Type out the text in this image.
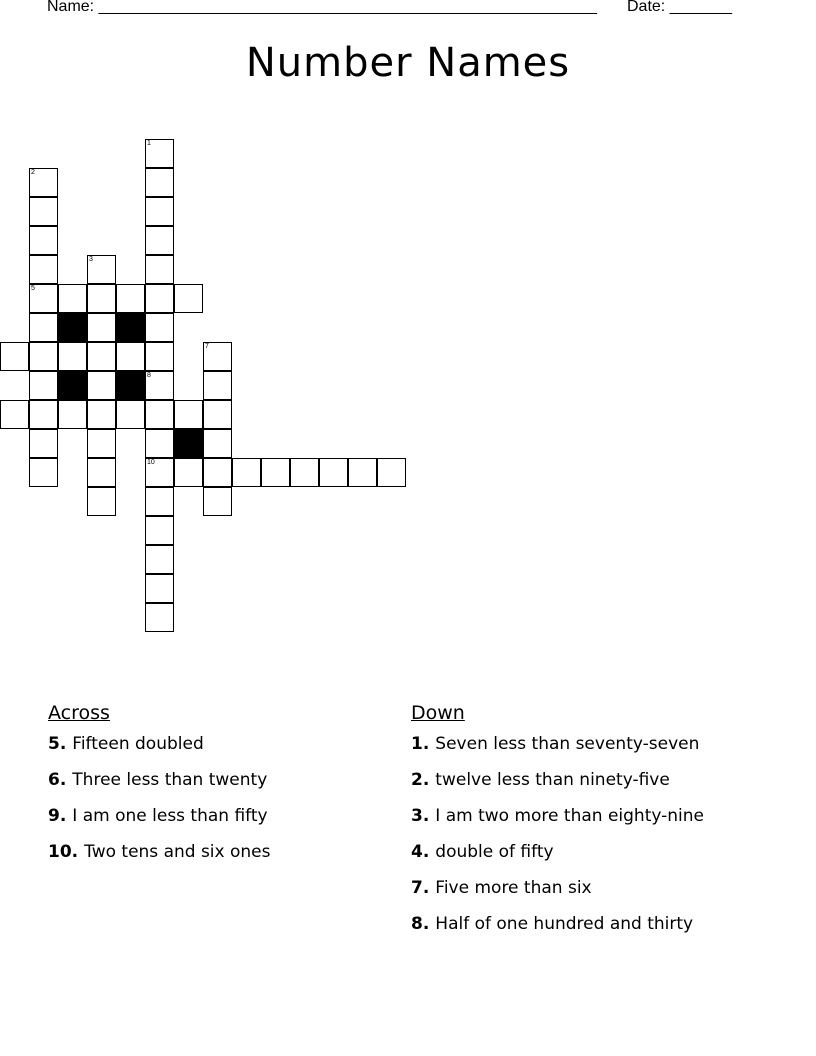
Name: ________________________________________________________ Date: _______
Number Names
1
8
10
2
5
3
7
Across
5. Fifteen doubled
6. Three less than twenty
9. I am one less than fifty
10. Two tens and six ones
Down
1. Seven less than seventy-seven
2. twelve less than ninety-five
3. I am two more than eighty-nine
4. double of fifty
7. Five more than six
8. Half of one hundred and thirty
